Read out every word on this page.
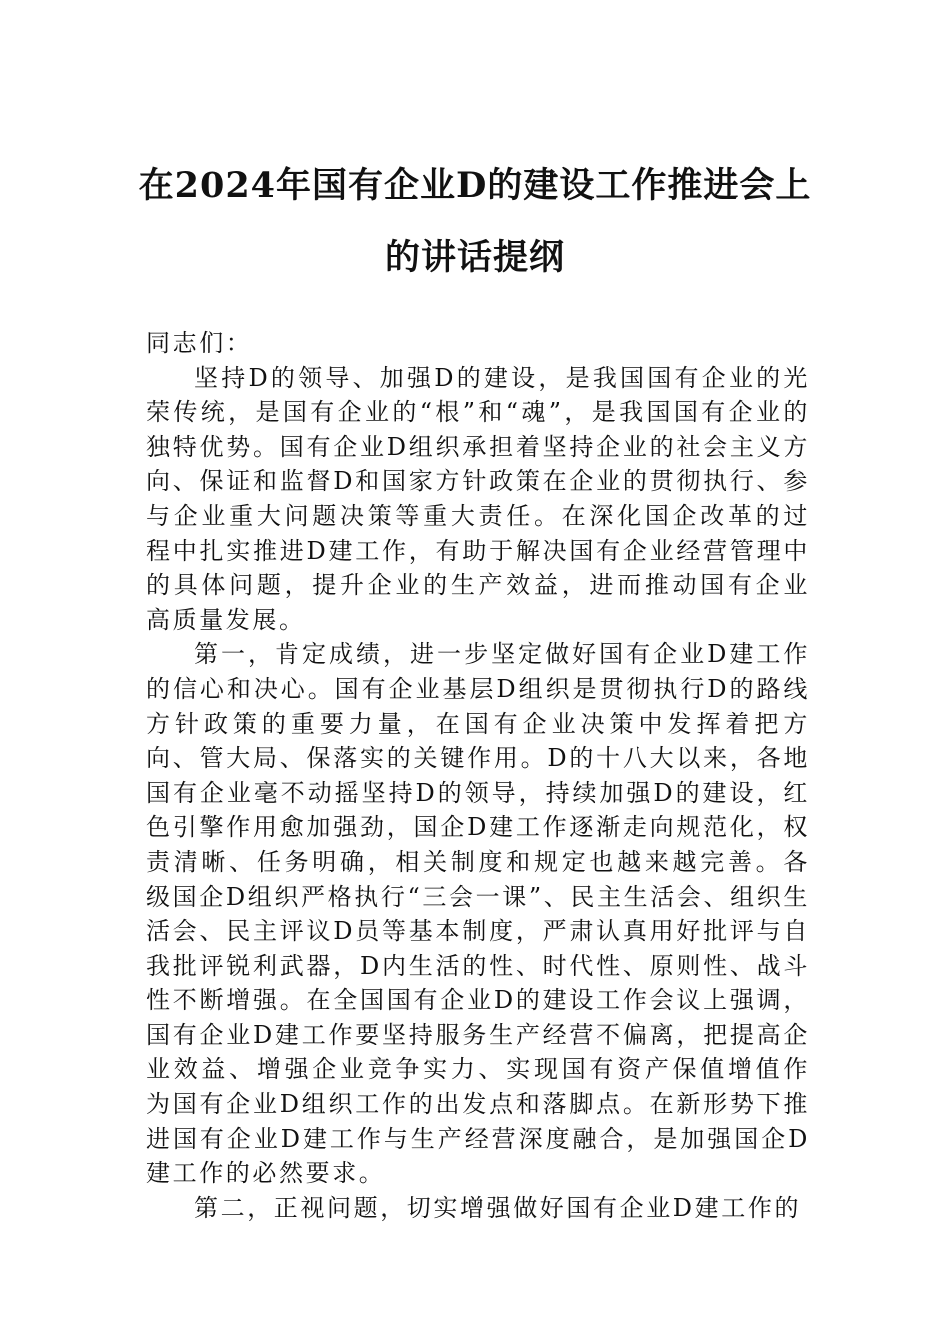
在2024年国有企业D的建设工作推进会上
的讲话提纲

同志们：

坚持D的领导、加强D的建设，是我国国有企业的光荣传统，是国有企业的“根”和“魂”，是我国国有企业的独特优势。国有企业D组织承担着坚持企业的社会主义方向、保证和监督D和国家方针政策在企业的贯彻执行、参与企业重大问题决策等重大责任。在深化国企改革的过程中扎实推进D建工作，有助于解决国有企业经营管理中的具体问题，提升企业的生产效益，进而推动国有企业高质量发展。

第一，肯定成绩，进一步坚定做好国有企业D建工作的信心和决心。国有企业基层D组织是贯彻执行D的路线方针政策的重要力量，在国有企业决策中发挥着把方向、管大局、保落实的关键作用。D的十八大以来，各地国有企业毫不动摇坚持D的领导，持续加强D的建设，红色引擎作用愈加强劲，国企D建工作逐渐走向规范化，权责清晰、任务明确，相关制度和规定也越来越完善。各级国企D组织严格执行“三会一课”、民主生活会、组织生活会、民主评议D员等基本制度，严肃认真用好批评与自我批评锐利武器，D内生活的性、时代性、原则性、战斗性不断增强。在全国国有企业D的建设工作会议上强调，国有企业D建工作要坚持服务生产经营不偏离，把提高企业效益、增强企业竞争实力、实现国有资产保值增值作为国有企业D组织工作的出发点和落脚点。在新形势下推进国有企业D建工作与生产经营深度融合，是加强国企D建工作的必然要求。

第二，正视问题，切实增强做好国有企业D建工作的
